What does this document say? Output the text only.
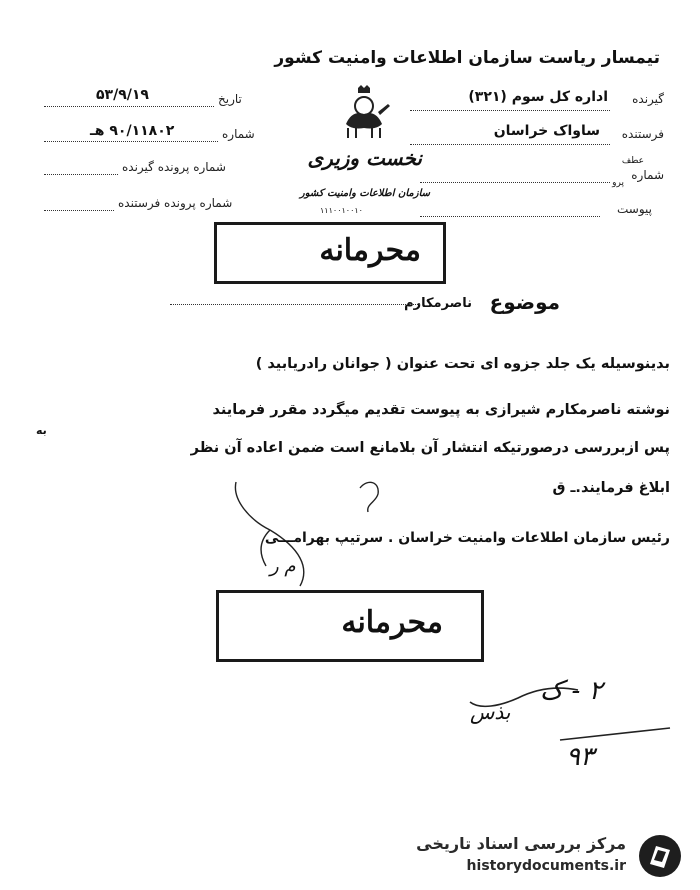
تیمسار ریاست سازمان اطلاعات وامنیت کشور
نخست وزیری
سازمان اطلاعات وامنیت کشور
۱۱۱۰۰۱۰۰۱۰
گیرنده
اداره کل سوم (۳۲۱)
فرستنده
ساواک خراسان
شماره
عطف
پرو
پیوست
تاریخ
۵۳/۹/۱۹
شماره
۹۰/۱۱۸۰۲ هـ
شماره پرونده گیرنده
شماره پرونده فرستنده
محرمانه
موضوع
ناصرمکارم
بدینوسیله یک جلد جزوه ای تحت عنوان ( جوانان رادریابید )
نوشته ناصرمکارم شیرازی به پیوست تقدیم میگردد مقرر فرمایند
به
پس ازبررسی درصورتیکه انتشار آن بلامانع است ضمن اعاده آن نظر
ابلاغ فرمایند.ـ ق
رئیس سازمان اطلاعات وامنیت خراسان . سرتیپ بهرامـــی
م ر
محرمانه
۲ - ک
بذس
۹۳
مرکز بررسی اسناد تاریخی
historydocuments.ir
